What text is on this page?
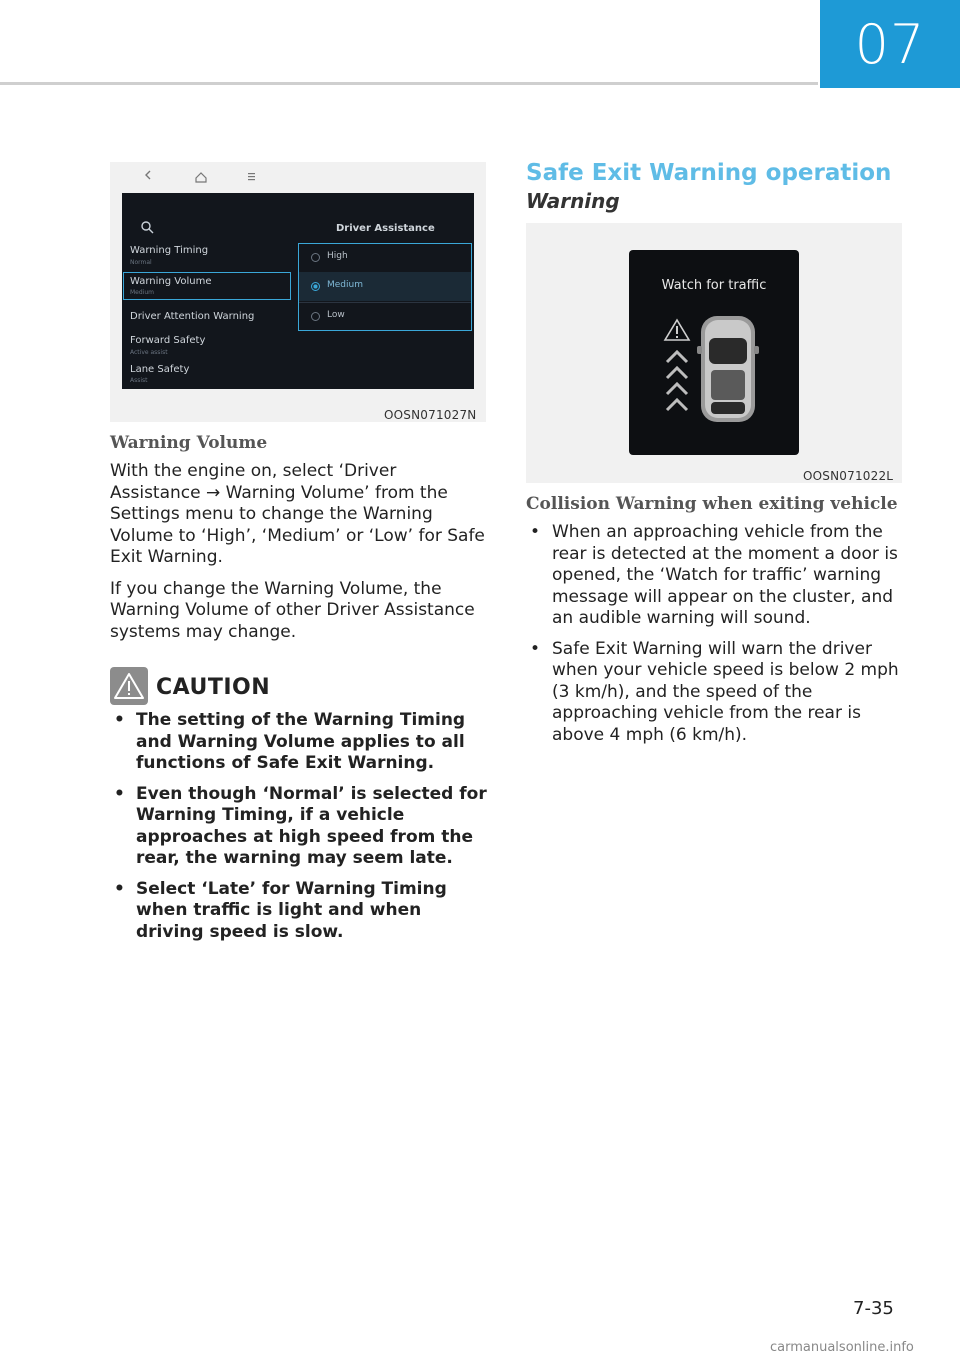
07
Driver Assistance
Warning Timing
Normal
Warning Volume
Medium
Driver Attention Warning
Forward Safety
Active assist
Lane Safety
Assist
High
Medium
Low
OOSN071027N
Warning Volume

With the engine on, select ‘Driver Assistance → Warning Volume’ from the Settings menu to change the Warning Volume to ‘High’, ‘Medium’ or ‘Low’ for Safe Exit Warning.

If you change the Warning Volume, the Warning Volume of other Driver Assistance systems may change.

CAUTION
• The setting of the Warning Timing and Warning Volume applies to all functions of Safe Exit Warning.
• Even though ‘Normal’ is selected for Warning Timing, if a vehicle approaches at high speed from the rear, the warning may seem late.
• Select ‘Late’ for Warning Timing when traffic is light and when driving speed is slow.
Safe Exit Warning operation
Warning
Watch for traffic
OOSN071022L
Collision Warning when exiting vehicle
• When an approaching vehicle from the rear is detected at the moment a door is opened, the ‘Watch for traffic’ warning message will appear on the cluster, and an audible warning will sound.
• Safe Exit Warning will warn the driver when your vehicle speed is below 2 mph (3 km/h), and the speed of the approaching vehicle from the rear is above 4 mph (6 km/h).
7-35
carmanualsonline.info
